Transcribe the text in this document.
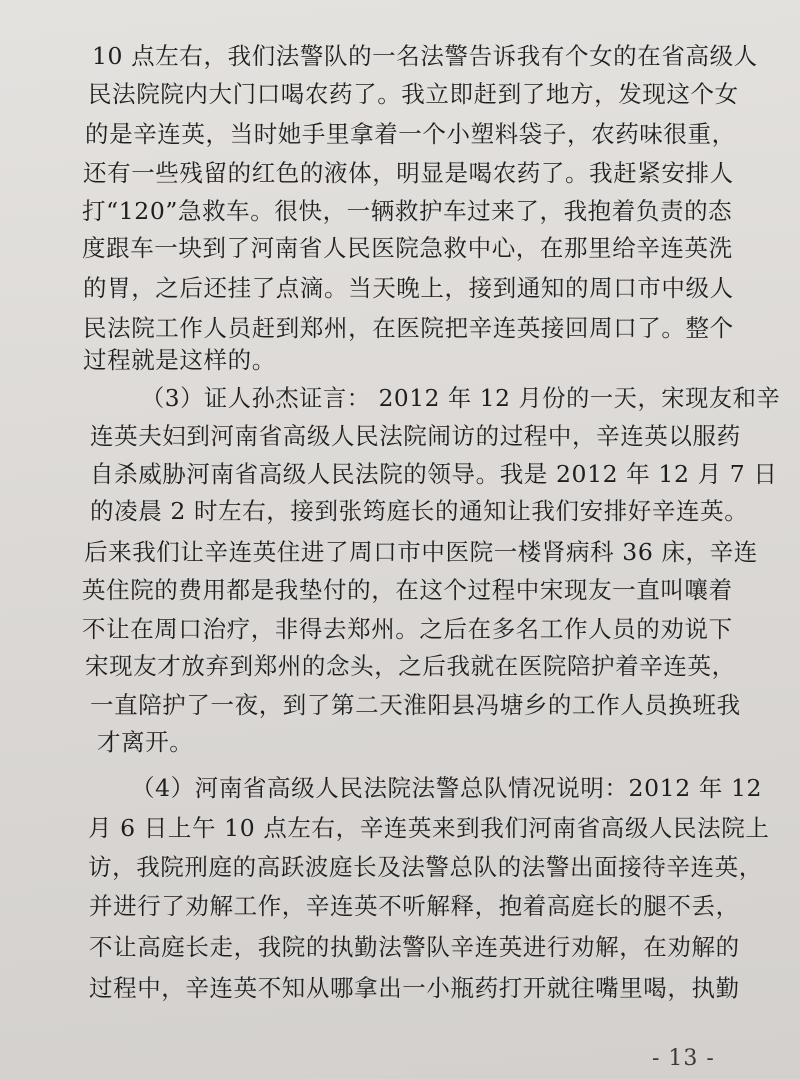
10 点左右，我们法警队的一名法警告诉我有个女的在省高级人
民法院院内大门口喝农药了。我立即赶到了地方，发现这个女
的是辛连英，当时她手里拿着一个小塑料袋子，农药味很重，
还有一些残留的红色的液体，明显是喝农药了。我赶紧安排人
打“120”急救车。很快，一辆救护车过来了，我抱着负责的态
度跟车一块到了河南省人民医院急救中心，在那里给辛连英洗
的胃，之后还挂了点滴。当天晚上，接到通知的周口市中级人
民法院工作人员赶到郑州，在医院把辛连英接回周口了。整个
过程就是这样的。
（3）证人孙杰证言： 2012 年 12 月份的一天，宋现友和辛
连英夫妇到河南省高级人民法院闹访的过程中，辛连英以服药
自杀威胁河南省高级人民法院的领导。我是 2012 年 12 月 7 日
的凌晨 2 时左右，接到张筠庭长的通知让我们安排好辛连英。
后来我们让辛连英住进了周口市中医院一楼肾病科 36 床，辛连
英住院的费用都是我垫付的，在这个过程中宋现友一直叫嚷着
不让在周口治疗，非得去郑州。之后在多名工作人员的劝说下
宋现友才放弃到郑州的念头，之后我就在医院陪护着辛连英，
一直陪护了一夜，到了第二天淮阳县冯塘乡的工作人员换班我
才离开。
（4）河南省高级人民法院法警总队情况说明：2012 年 12
月 6 日上午 10 点左右，辛连英来到我们河南省高级人民法院上
访，我院刑庭的高跃波庭长及法警总队的法警出面接待辛连英，
并进行了劝解工作，辛连英不听解释，抱着高庭长的腿不丢，
不让高庭长走，我院的执勤法警队辛连英进行劝解，在劝解的
过程中，辛连英不知从哪拿出一小瓶药打开就往嘴里喝，执勤
- 13 -
